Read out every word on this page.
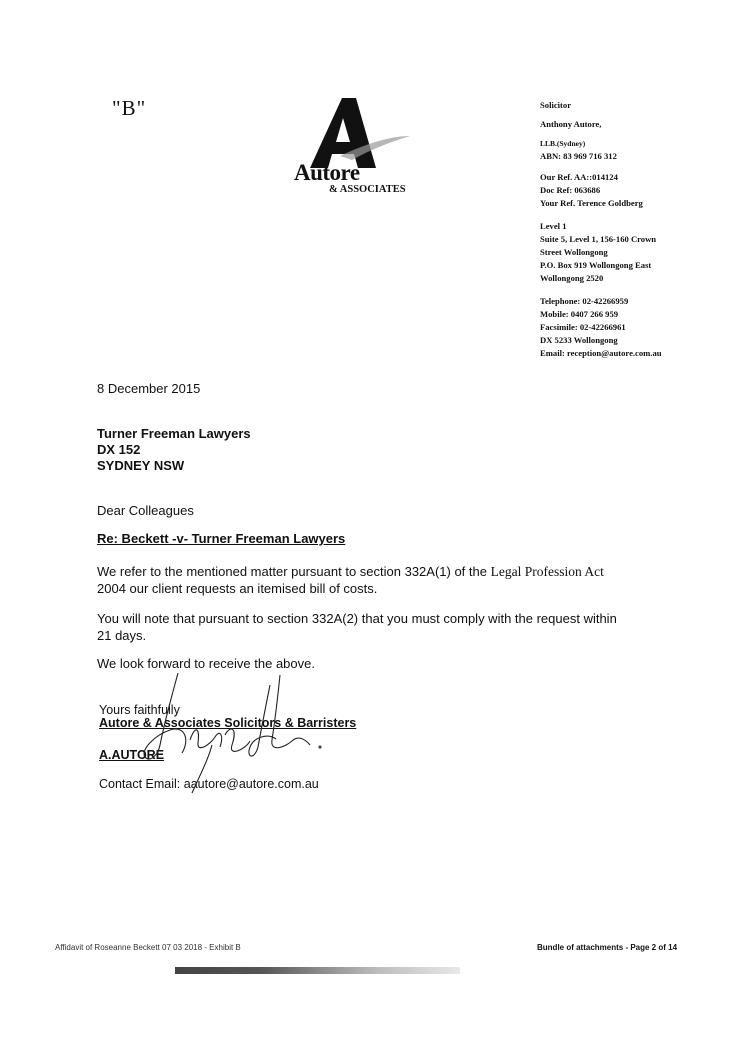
"B"
Autore
& ASSOCIATES
Solicitor
Anthony Autore,
LLB.(Sydney)
ABN: 83 969 716 312
Our Ref. AA::014124
Doc Ref: 063686
Your Ref. Terence Goldberg
Level 1
Suite 5, Level 1, 156-160 Crown
Street Wollongong
P.O. Box 919 Wollongong East
Wollongong 2520
Telephone: 02-42266959
Mobile: 0407 266 959
Facsimile: 02-42266961
DX 5233 Wollongong
Email: reception@autore.com.au
8 December 2015
Turner Freeman Lawyers
DX 152
SYDNEY NSW
Dear Colleagues
Re: Beckett -v- Turner Freeman Lawyers
We refer to the mentioned matter pursuant to section 332A(1) of the Legal Profession Act
2004 our client requests an itemised bill of costs.
You will note that pursuant to section 332A(2) that you must comply with the request within
21 days.
We look forward to receive the above.
Yours faithfully
Autore & Associates Solicitors & Barristers
A.AUTORE
Contact Email: aautore@autore.com.au
Affidavit of Roseanne Beckett 07 03 2018 - Exhibit B	Bundle of attachments - Page 2 of 14
